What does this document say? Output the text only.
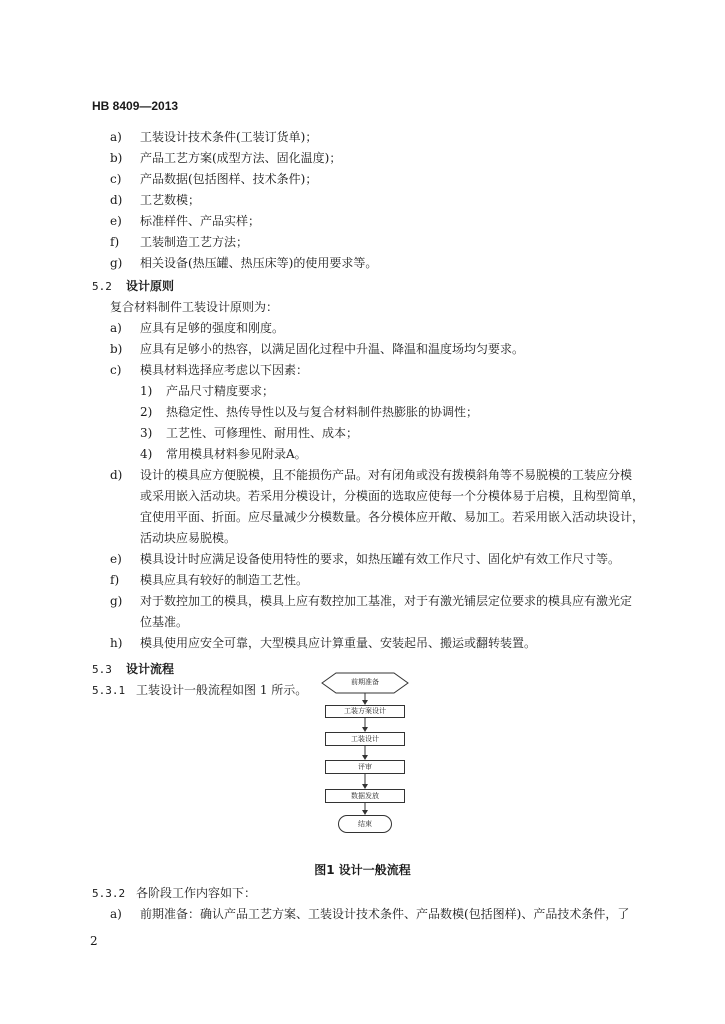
HB 8409—2013
a) 工装设计技术条件(工装订货单)；
b) 产品工艺方案(成型方法、固化温度)；
c) 产品数据(包括图样、技术条件)；
d) 工艺数模；
e) 标准样件、产品实样；
f) 工装制造工艺方法；
g) 相关设备(热压罐、热压床等)的使用要求等。
5.2 设计原则
复合材料制件工装设计原则为：
a) 应具有足够的强度和刚度。
b) 应具有足够小的热容，以满足固化过程中升温、降温和温度场均匀要求。
c) 模具材料选择应考虑以下因素：
1) 产品尺寸精度要求；
2) 热稳定性、热传导性以及与复合材料制件热膨胀的协调性；
3) 工艺性、可修理性、耐用性、成本；
4) 常用模具材料参见附录A。
d) 设计的模具应方便脱模，且不能损伤产品。对有闭角或没有拨模斜角等不易脱模的工装应分模
或采用嵌入活动块。若采用分模设计，分模面的选取应使每一个分模体易于启模，且构型简单，
宜使用平面、折面。应尽量减少分模数量。各分模体应开敞、易加工。若采用嵌入活动块设计，
活动块应易脱模。
e) 模具设计时应满足设备使用特性的要求，如热压罐有效工作尺寸、固化炉有效工作尺寸等。
f) 模具应具有较好的制造工艺性。
g) 对于数控加工的模具，模具上应有数控加工基准，对于有激光铺层定位要求的模具应有激光定
位基准。
h) 模具使用应安全可靠，大型模具应计算重量、安装起吊、搬运或翻转装置。
5.3 设计流程
5.3.1 工装设计一般流程如图 1 所示。
前期准备
工装方案设计
工装设计
评审
数据发放
结束
图1 设计一般流程
5.3.2 各阶段工作内容如下：
a) 前期准备：确认产品工艺方案、工装设计技术条件、产品数模(包括图样)、产品技术条件，了
2
